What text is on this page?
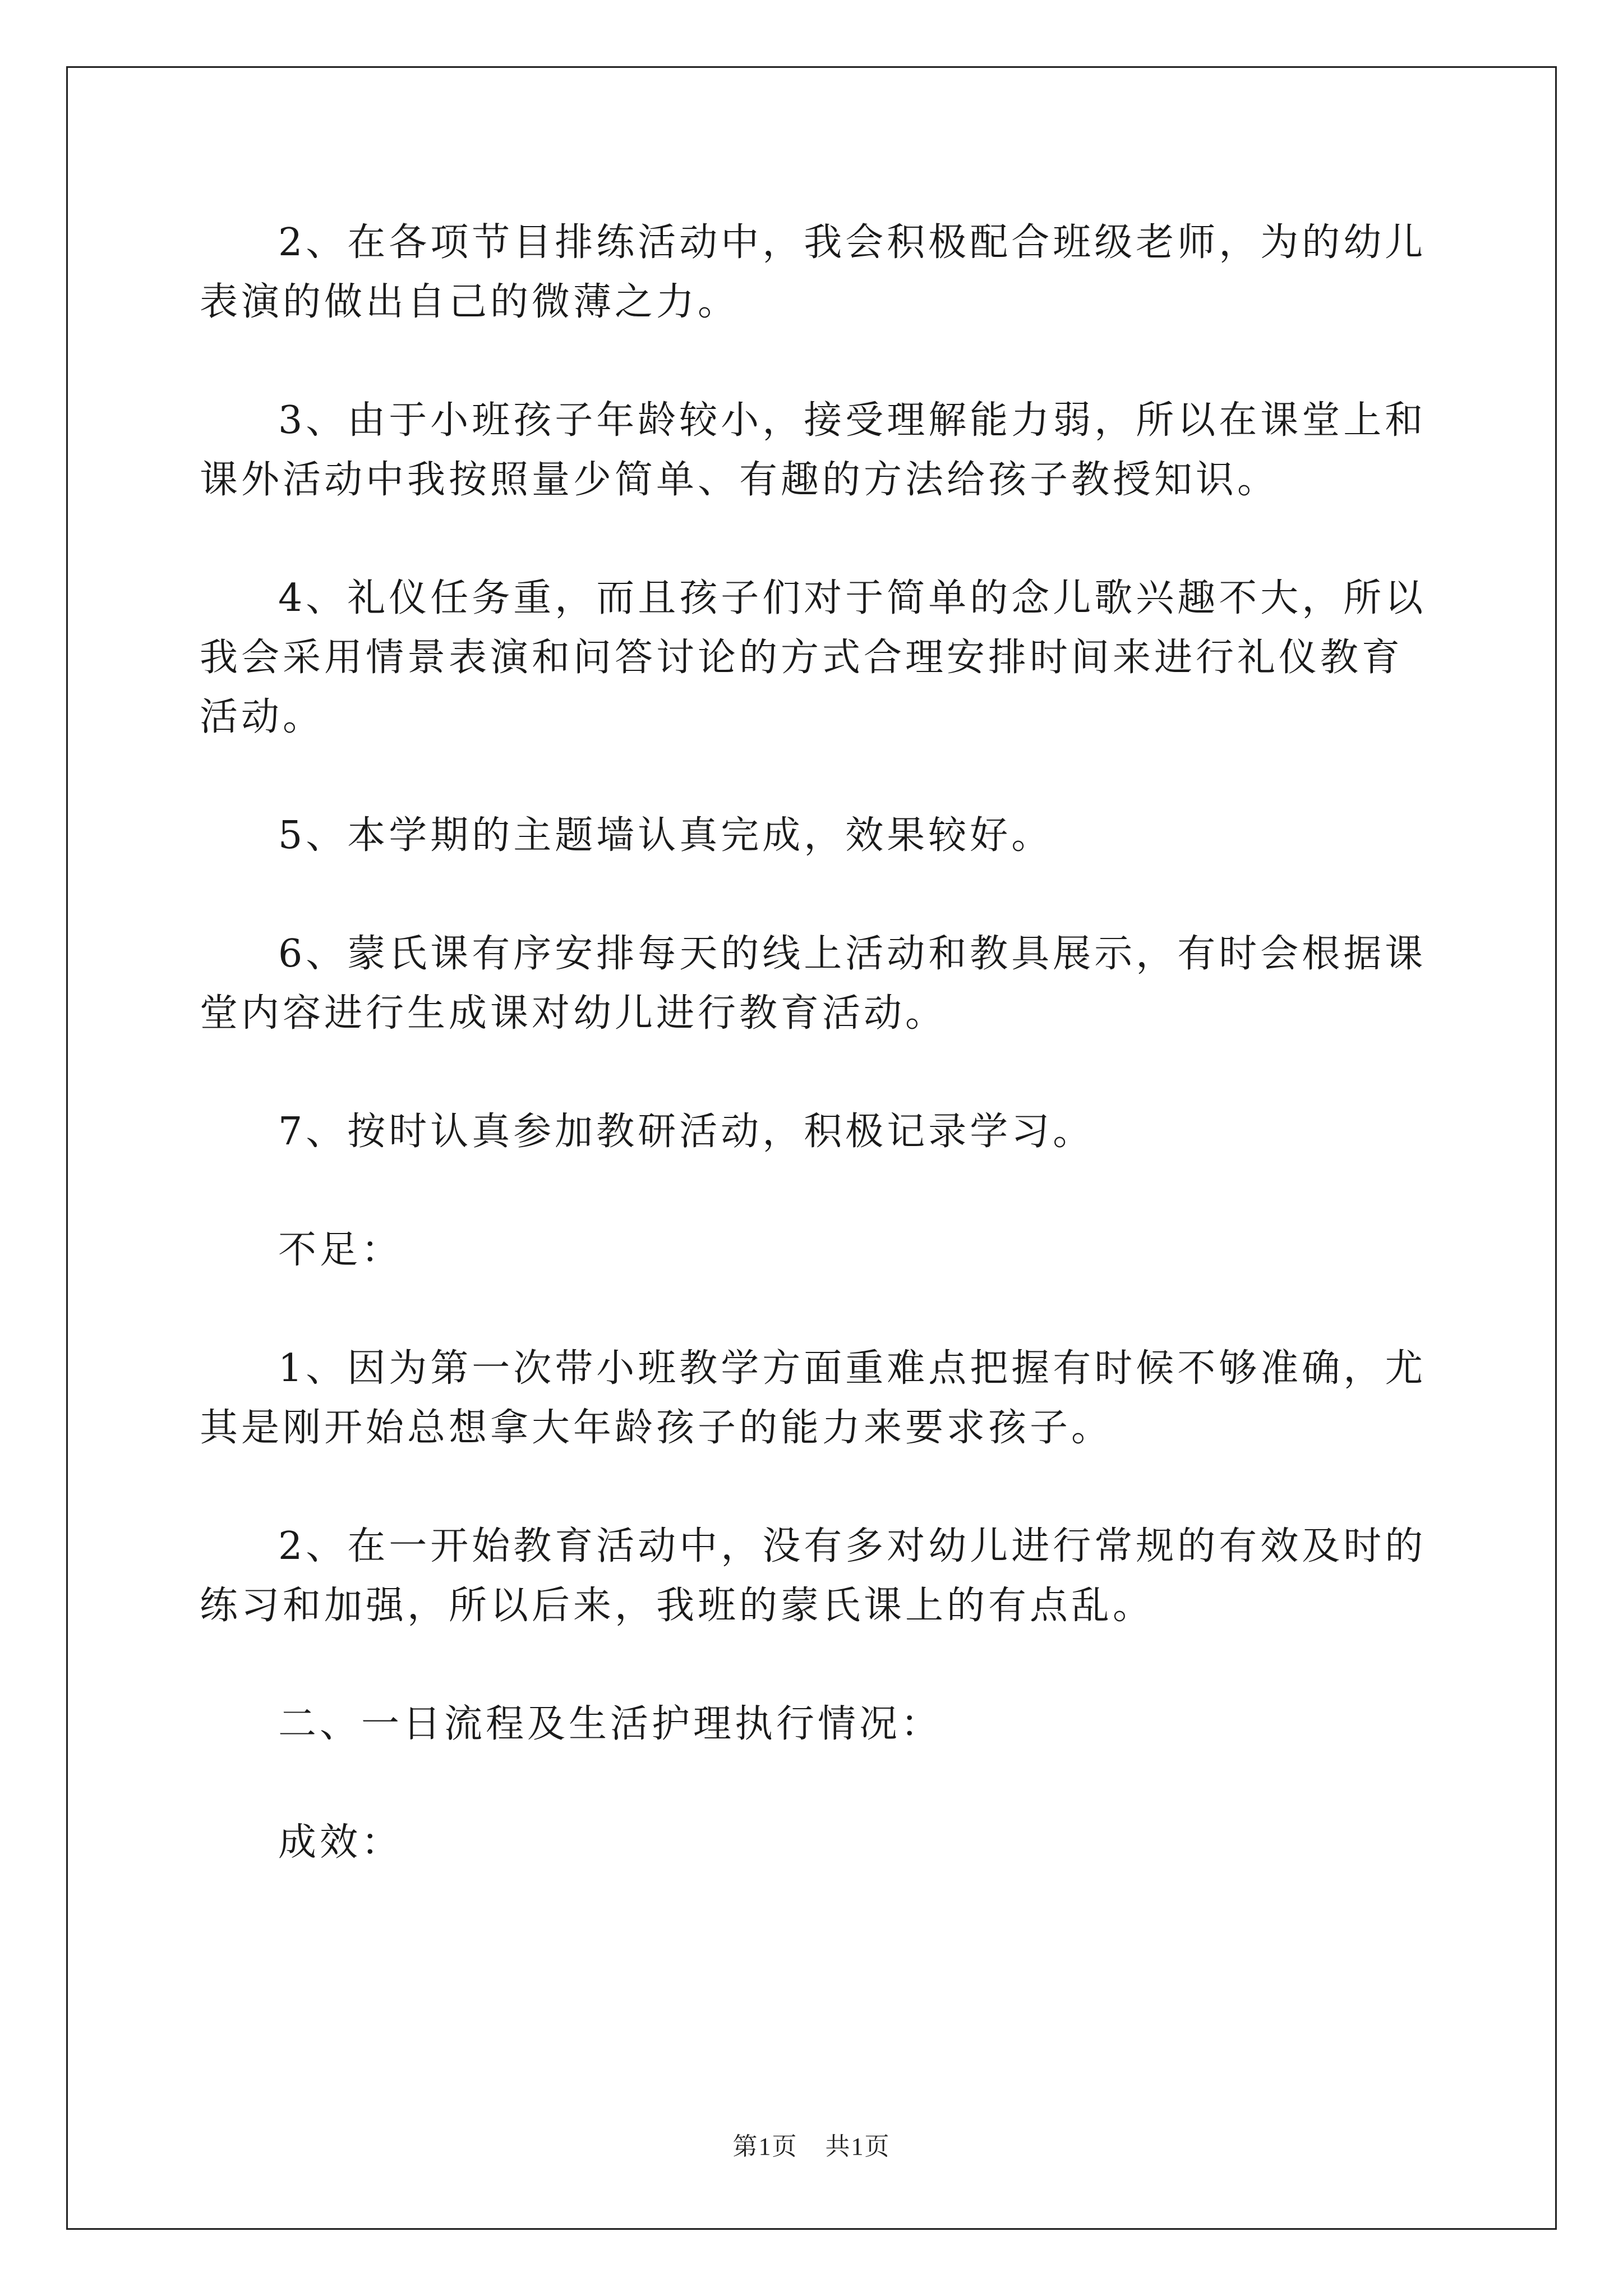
2、在各项节目排练活动中，我会积极配合班级老师，为的幼儿表演的做出自己的微薄之力。

3、由于小班孩子年龄较小，接受理解能力弱，所以在课堂上和课外活动中我按照量少简单、有趣的方法给孩子教授知识。

4、礼仪任务重，而且孩子们对于简单的念儿歌兴趣不大，所以我会采用情景表演和问答讨论的方式合理安排时间来进行礼仪教育活动。

5、本学期的主题墙认真完成，效果较好。

6、蒙氏课有序安排每天的线上活动和教具展示，有时会根据课堂内容进行生成课对幼儿进行教育活动。

7、按时认真参加教研活动，积极记录学习。

不足：

1、因为第一次带小班教学方面重难点把握有时候不够准确，尤其是刚开始总想拿大年龄孩子的能力来要求孩子。

2、在一开始教育活动中，没有多对幼儿进行常规的有效及时的练习和加强，所以后来，我班的蒙氏课上的有点乱。

二、一日流程及生活护理执行情况：

成效：

第1页 共1页
